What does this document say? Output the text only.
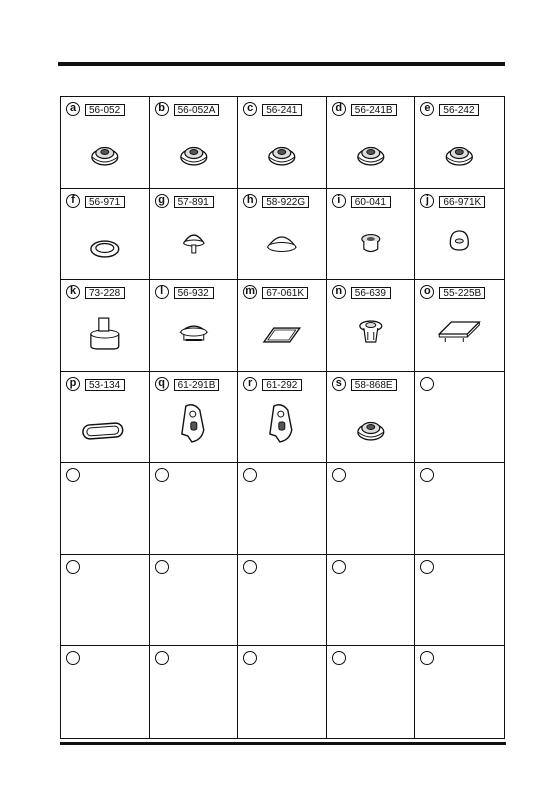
a	56-052	b	56-052A	c	56-241	d	56-241B	e	56-242
f	56-971	g	57-891	h	58-922G	i	60-041	j	66-971K
k	73-228	l	56-932	m	67-061K	n	56-639	o	55-225B
p	53-134	q	61-291B	r	61-292	s	58-868E
